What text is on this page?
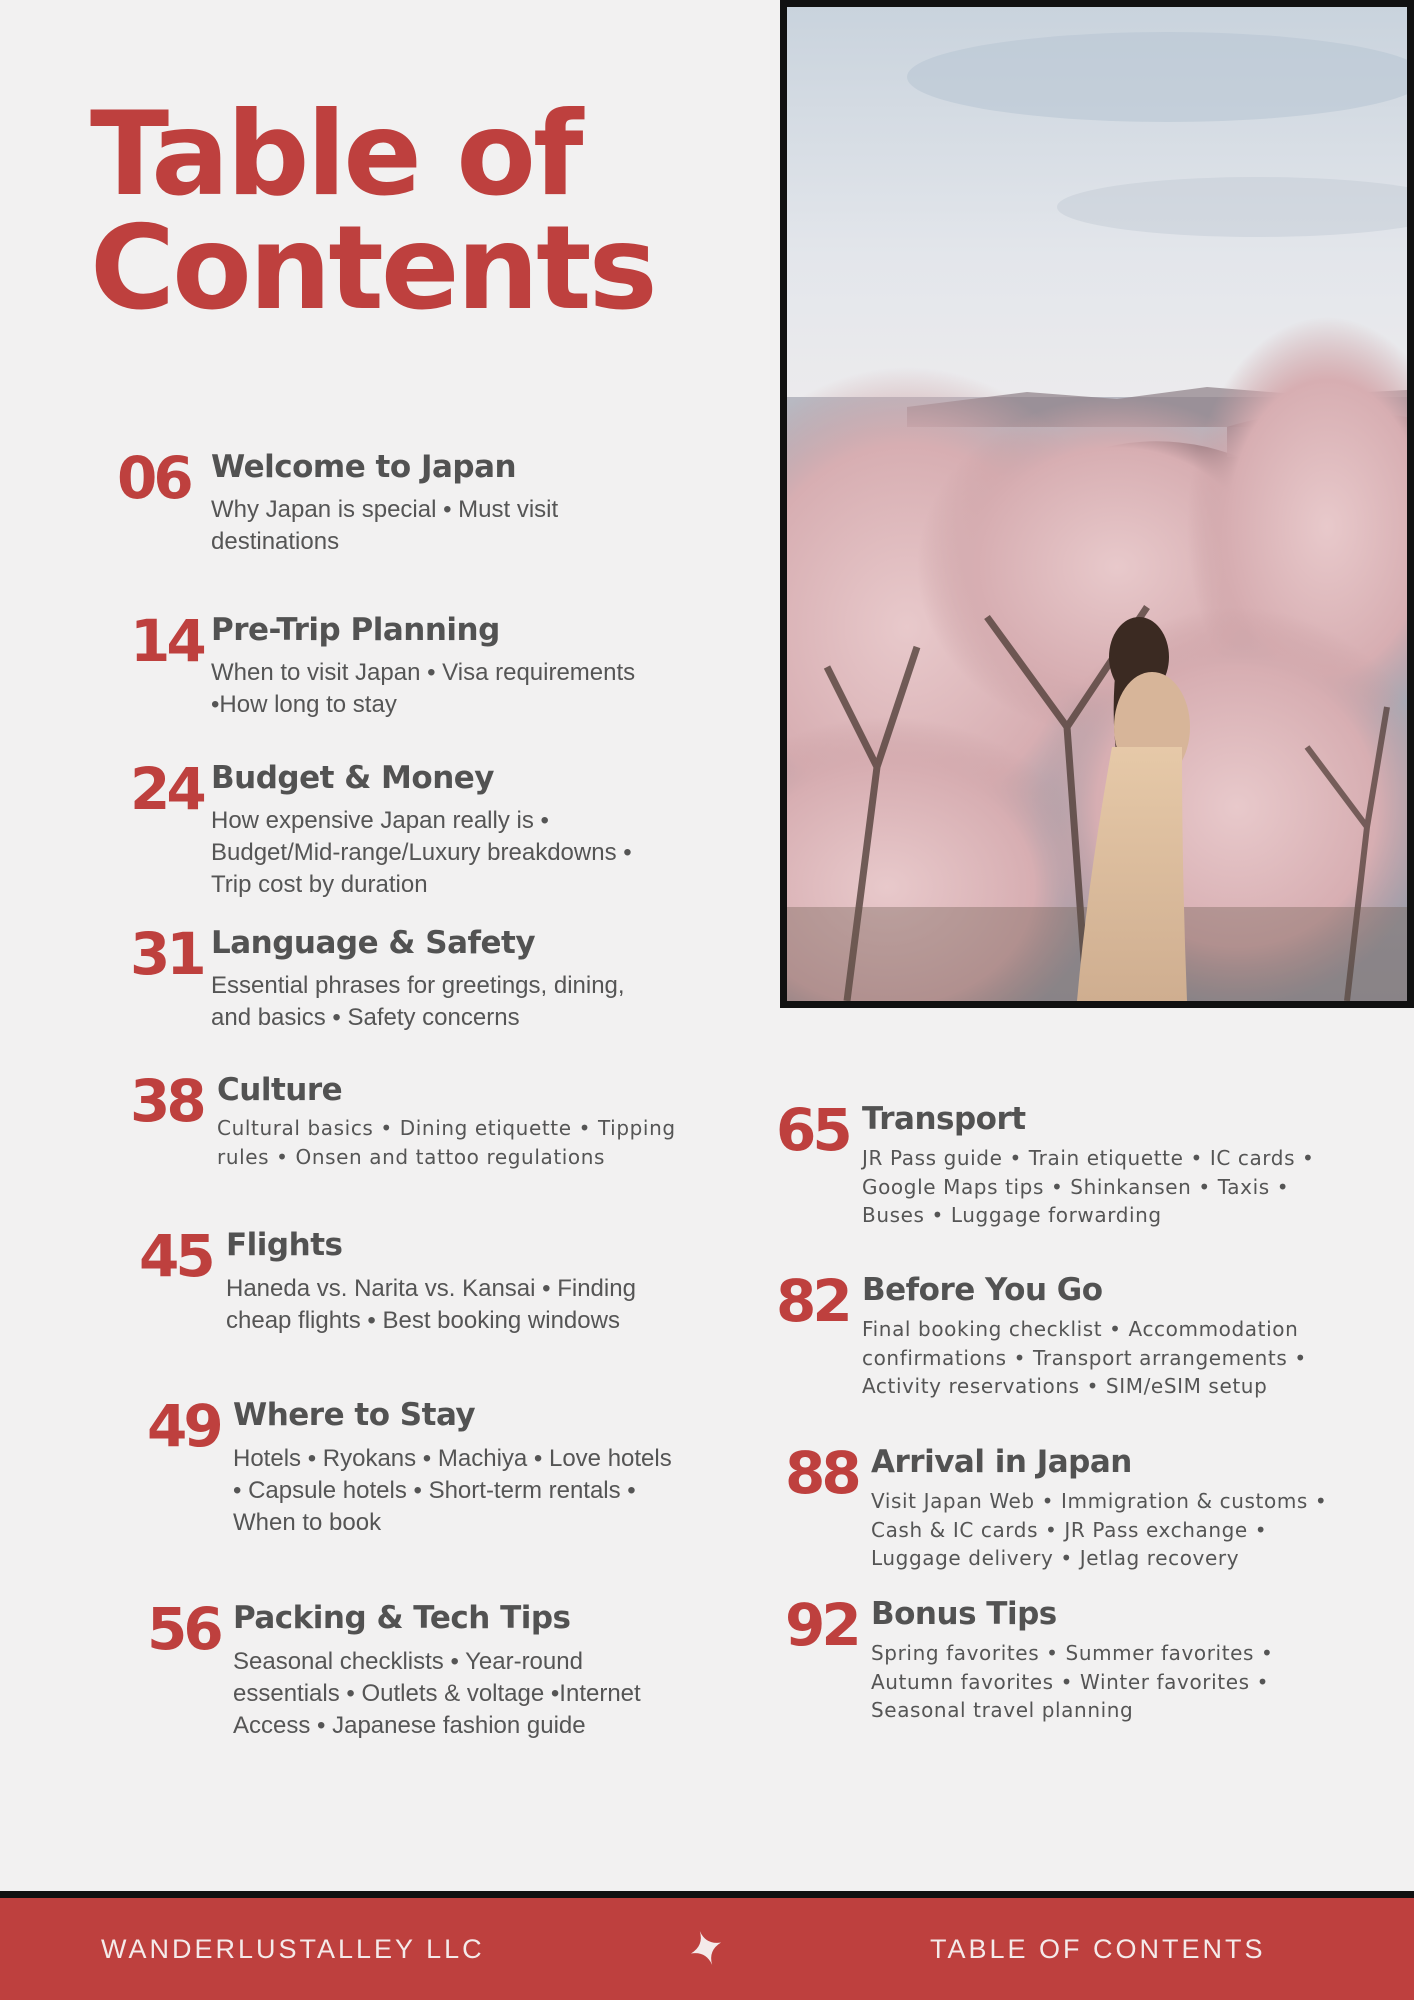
Table of
Contents
06 Welcome to Japan

Why Japan is special • Must visit
destinations

14 Pre-Trip Planning

When to visit Japan • Visa requirements
•How long to stay

24 Budget & Money

How expensive Japan really is •
Budget/Mid-range/Luxury breakdowns •
Trip cost by duration

31 Language & Safety

Essential phrases for greetings, dining,
and basics • Safety concerns

38 Culture

Cultural basics • Dining etiquette • Tipping
rules • Onsen and tattoo regulations

45 Flights

Haneda vs. Narita vs. Kansai • Finding
cheap flights • Best booking windows

49 Where to Stay

Hotels • Ryokans • Machiya • Love hotels
• Capsule hotels • Short-term rentals •
When to book

56 Packing & Tech Tips

Seasonal checklists • Year-round
essentials • Outlets & voltage •Internet
Access • Japanese fashion guide

65 Transport

JR Pass guide • Train etiquette • IC cards •
Google Maps tips • Shinkansen • Taxis •
Buses • Luggage forwarding

82 Before You Go

Final booking checklist • Accommodation
confirmations • Transport arrangements •
Activity reservations • SIM/eSIM setup

88 Arrival in Japan

Visit Japan Web • Immigration & customs •
Cash & IC cards • JR Pass exchange •
Luggage delivery • Jetlag recovery

92 Bonus Tips

Spring favorites • Summer favorites •
Autumn favorites • Winter favorites •
Seasonal travel planning

WANDERLUSTALLEY LLC	TABLE OF CONTENTS
